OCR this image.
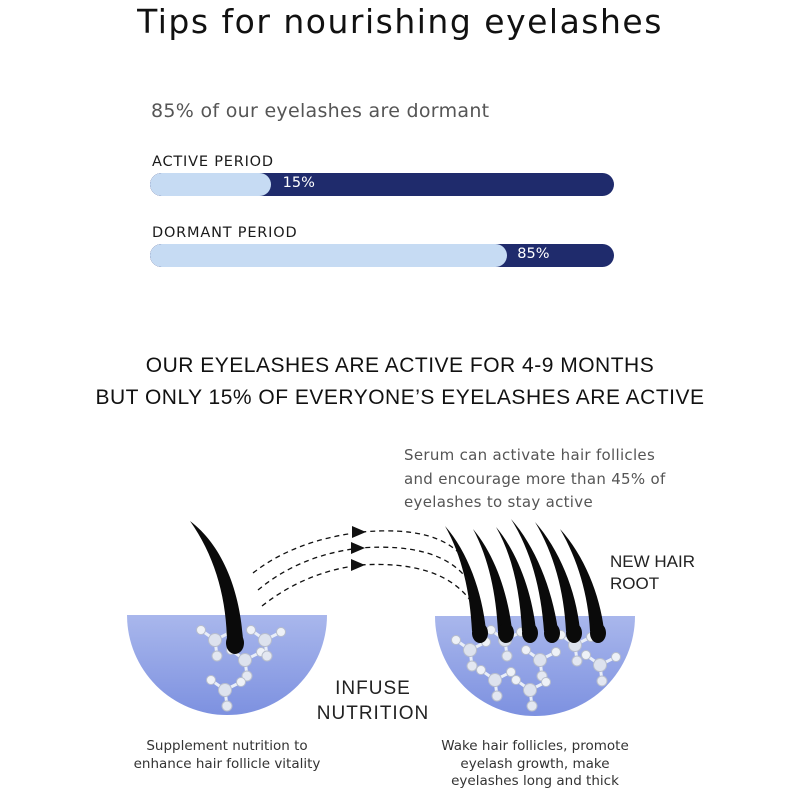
Tips for nourishing eyelashes
85% of our eyelashes are dormant
ACTIVE PERIOD
15%
DORMANT PERIOD
85%
OUR EYELASHES ARE ACTIVE FOR 4-9 MONTHS
BUT ONLY 15% OF EVERYONE’S EYELASHES ARE ACTIVE
Serum can activate hair follicles
and encourage more than 45% of
eyelashes to stay active
NEW HAIR
ROOT
INFUSE
NUTRITION
Supplement nutrition to
enhance hair follicle vitality
Wake hair follicles, promote
eyelash growth, make
eyelashes long and thick
